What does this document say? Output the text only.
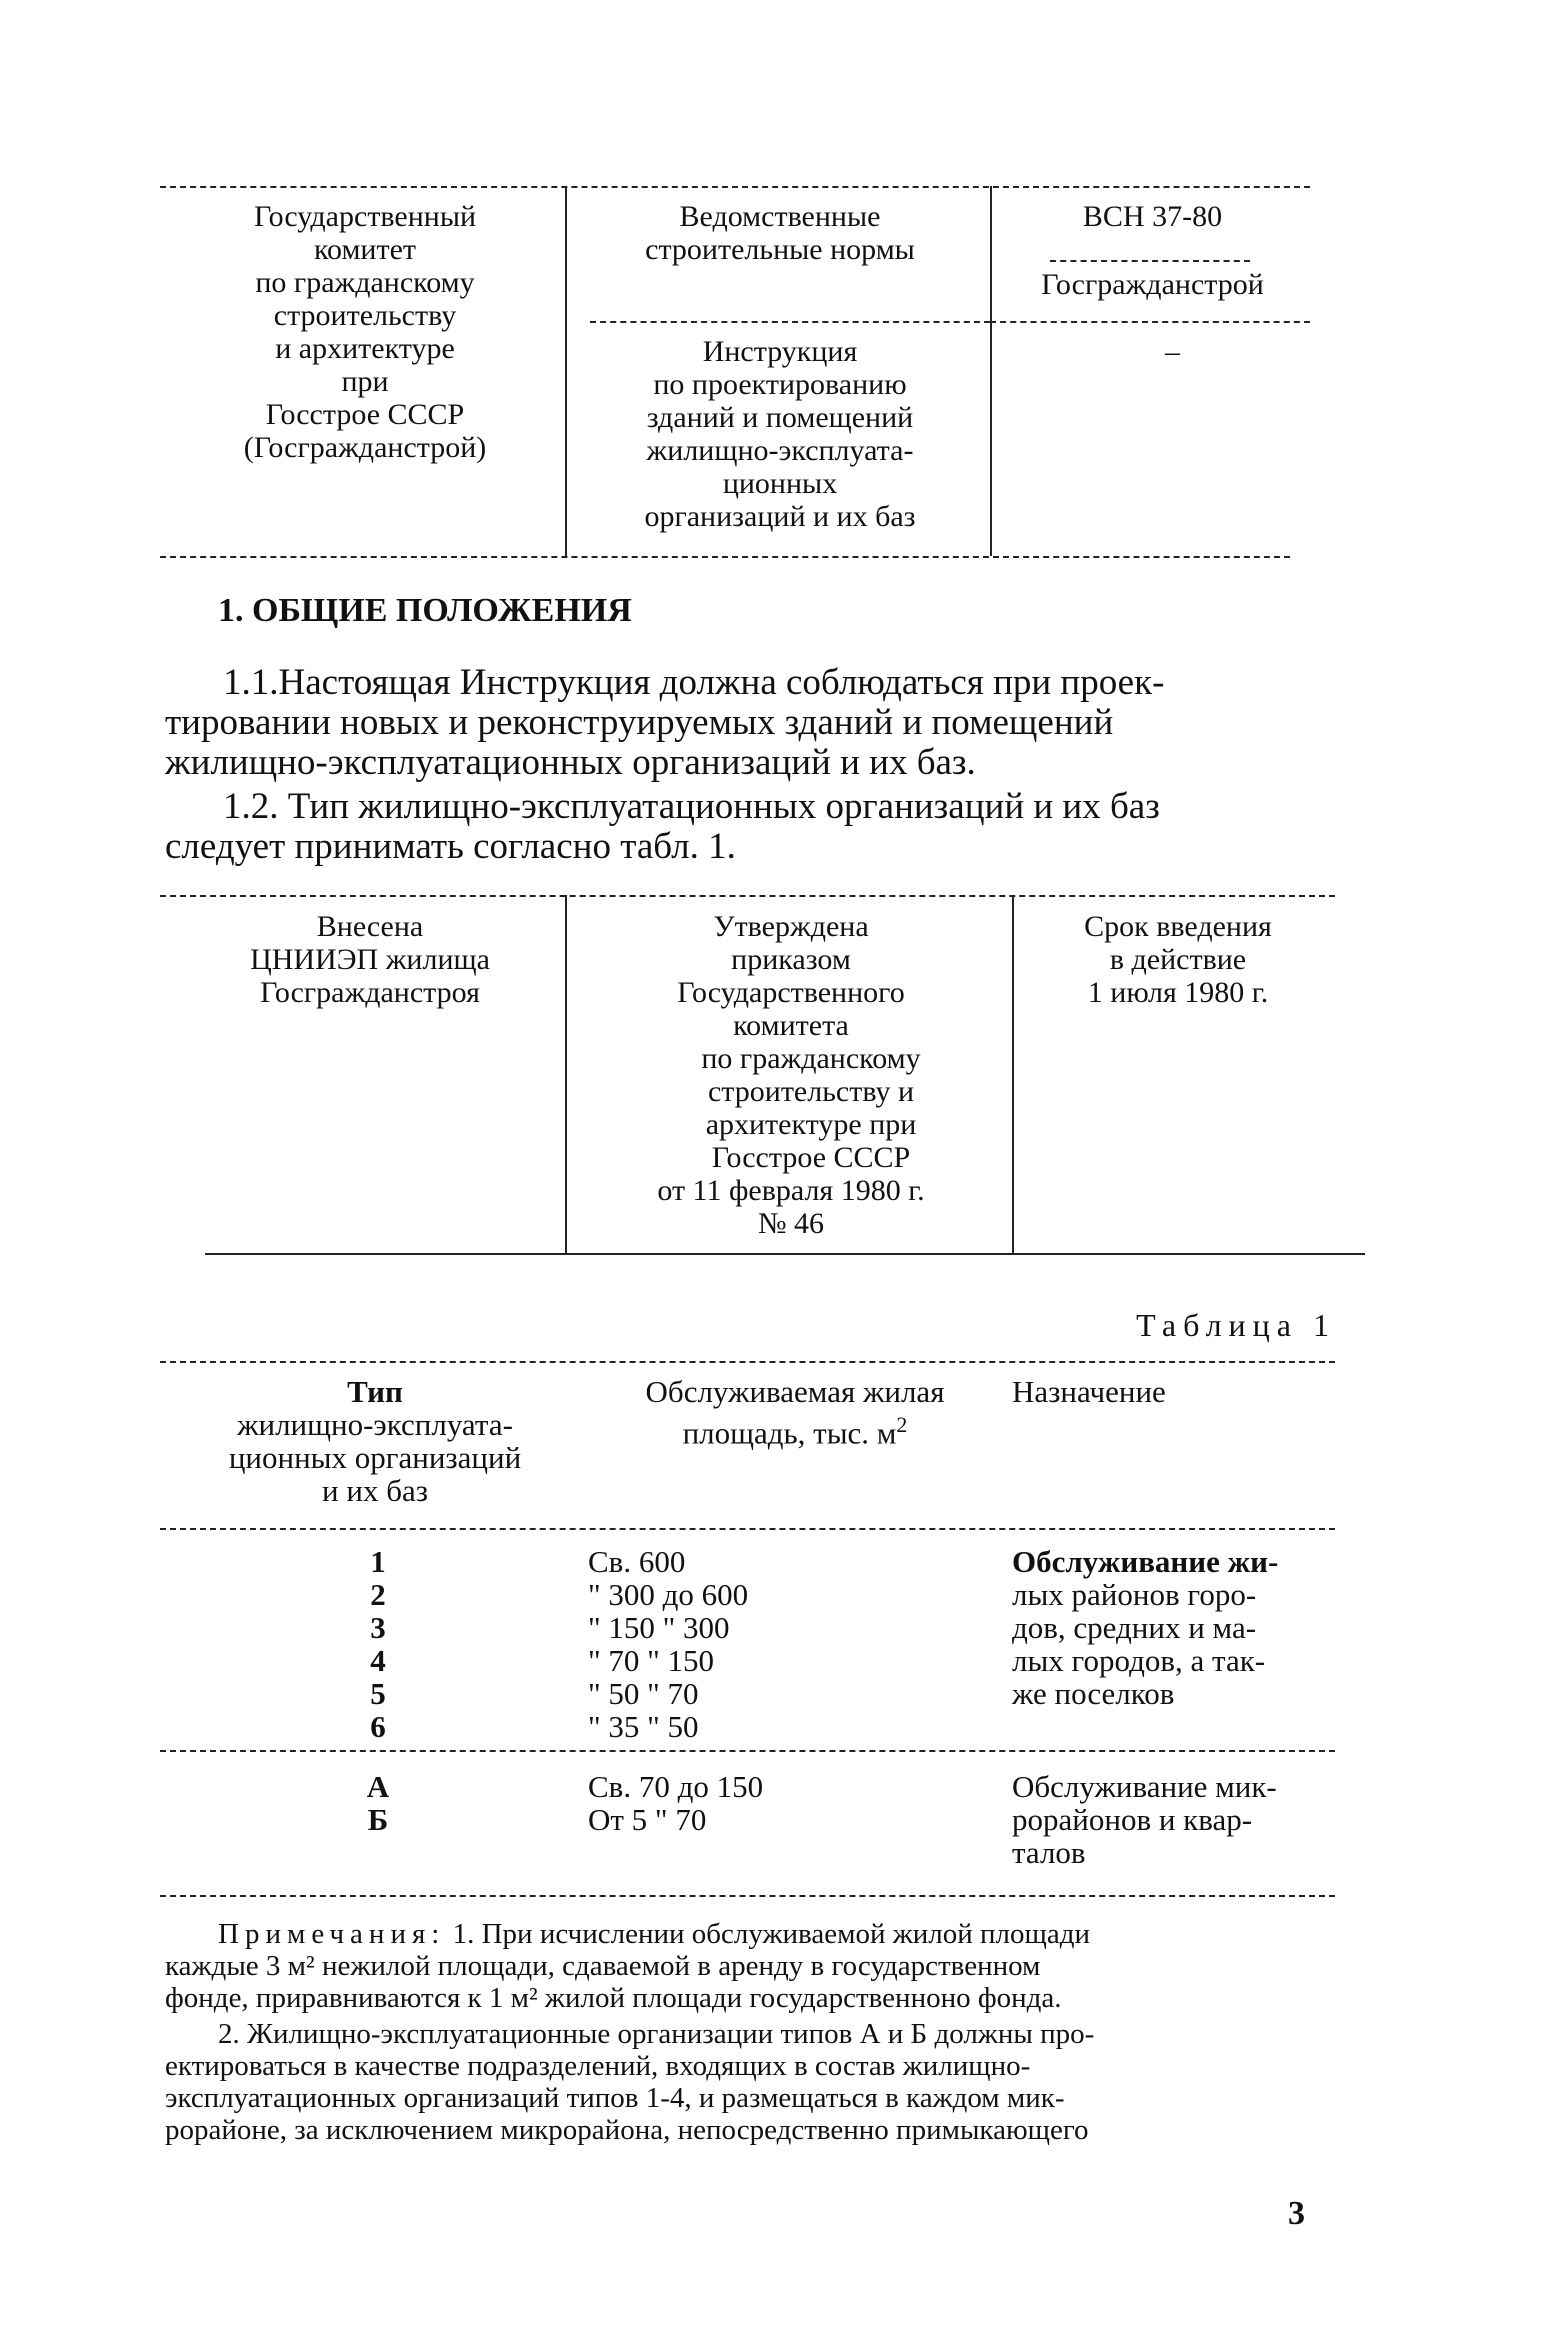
Государственный
комитет
по гражданскому
строительству
и архитектуре
при
Госстрое СССР
(Госгражданстрой)
Ведомственные
строительные нормы
Инструкция
по проектированию
зданий и помещений
жилищно-эксплуата-
ционных
организаций и их баз
ВСН 37-80
Госгражданстрой
–
1. ОБЩИЕ ПОЛОЖЕНИЯ
1.1.Настоящая Инструкция должна соблюдаться при проек-
тировании новых и реконструируемых зданий и помещений
жилищно-эксплуатационных организаций и их баз.
1.2. Тип жилищно-эксплуатационных организаций и их баз
следует принимать согласно табл. 1.
Внесена
ЦНИИЭП жилища
Госгражданстроя
Утверждена
приказом
Государственного
комитета
по гражданскому
строительству и
архитектуре при
Госстрое СССР
от 11 февраля 1980 г.
№ 46
Срок введения
в действие
1 июля 1980 г.
Таблица 1
Тип
жилищно-эксплуата-
ционных организаций
и их баз
Обслуживаемая жилая
площадь, тыс. $м^2$
Назначение
1
2
3
4
5
6
Св. 600
" 300 до 600
" 150 " 300
" 70 " 150
" 50 " 70
" 35 " 50
Обслуживание жи-
лых районов горо-
дов, средних и ма-
лых городов, а так-
же поселков
А
Б
Св. 70 до 150
От 5 " 70
Обслуживание мик-
рорайонов и квар-
талов
Примечания: 1. При исчислении обслуживаемой жилой площади
каждые 3 м² нежилой площади, сдаваемой в аренду в государственном
фонде, приравниваются к 1 м² жилой площади государственноно фонда.
2. Жилищно-эксплуатационные организации типов А и Б должны про-
ектироваться в качестве подразделений, входящих в состав жилищно-
эксплуатационных организаций типов 1-4, и размещаться в каждом мик-
рорайоне, за исключением микрорайона, непосредственно примыкающего
3
